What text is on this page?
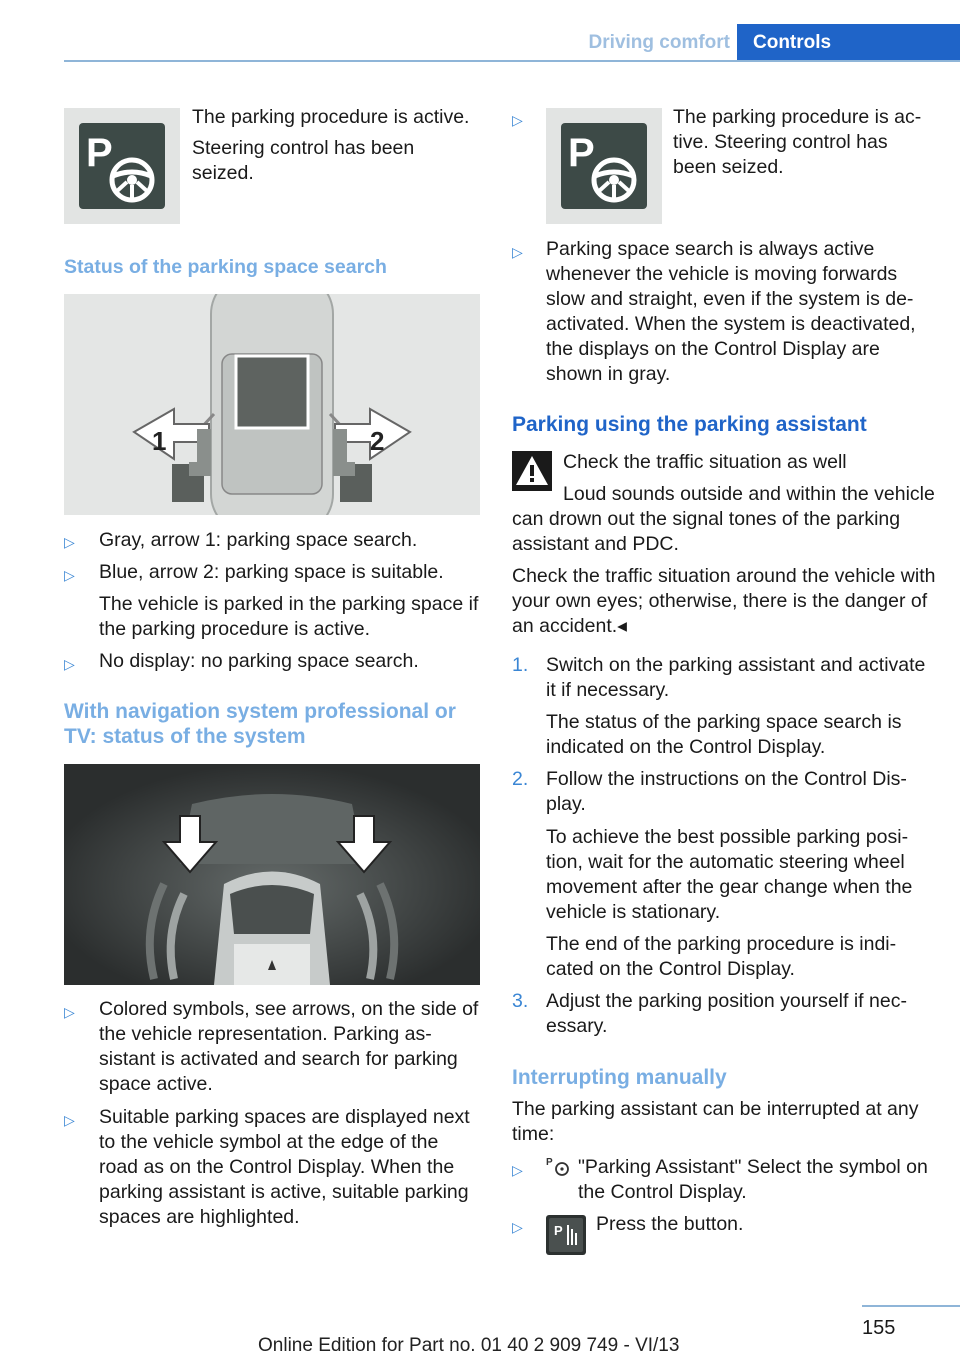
Driving comfort	Controls
P

The parking procedure is active.

Steering control has been seized.

Status of the parking space search

1	2
▷ Gray, arrow 1: parking space search.

▷ Blue, arrow 2: parking space is suitable.

The vehicle is parked in the parking space if the parking procedure is active.

▷ No display: no parking space search.

With navigation system professional or TV: status of the system

▷ Colored symbols, see arrows, on the side of the vehicle representation. Parking assistant is activated and search for parking space active.

▷ Suitable parking spaces are displayed next to the vehicle symbol at the edge of the road as on the Control Display. When the parking assistant is active, suitable parking spaces are highlighted.

▷
P

The parking procedure is active. Steering control has been seized.

▷ Parking space search is always active whenever the vehicle is moving forwards slow and straight, even if the system is deactivated. When the system is deactivated, the displays on the Control Display are shown in gray.

Parking using the parking assistant

Check the traffic situation as well

Loud sounds outside and within the vehicle can drown out the signal tones of the parking assistant and PDC.

Check the traffic situation around the vehicle with your own eyes; otherwise, there is the danger of an accident.◂

1. Switch on the parking assistant and activate it if necessary.

The status of the parking space search is indicated on the Control Display.

2. Follow the instructions on the Control Display.

To achieve the best possible parking position, wait for the automatic steering wheel movement after the gear change when the vehicle is stationary.

The end of the parking procedure is indicated on the Control Display.

3. Adjust the parking position yourself if necessary.

Interrupting manually

The parking assistant can be interrupted at any time:

▷ P "Parking Assistant" Select the symbol on the Control Display.

▷ P Press the button.

155
Online Edition for Part no. 01 40 2 909 749 - VI/13
